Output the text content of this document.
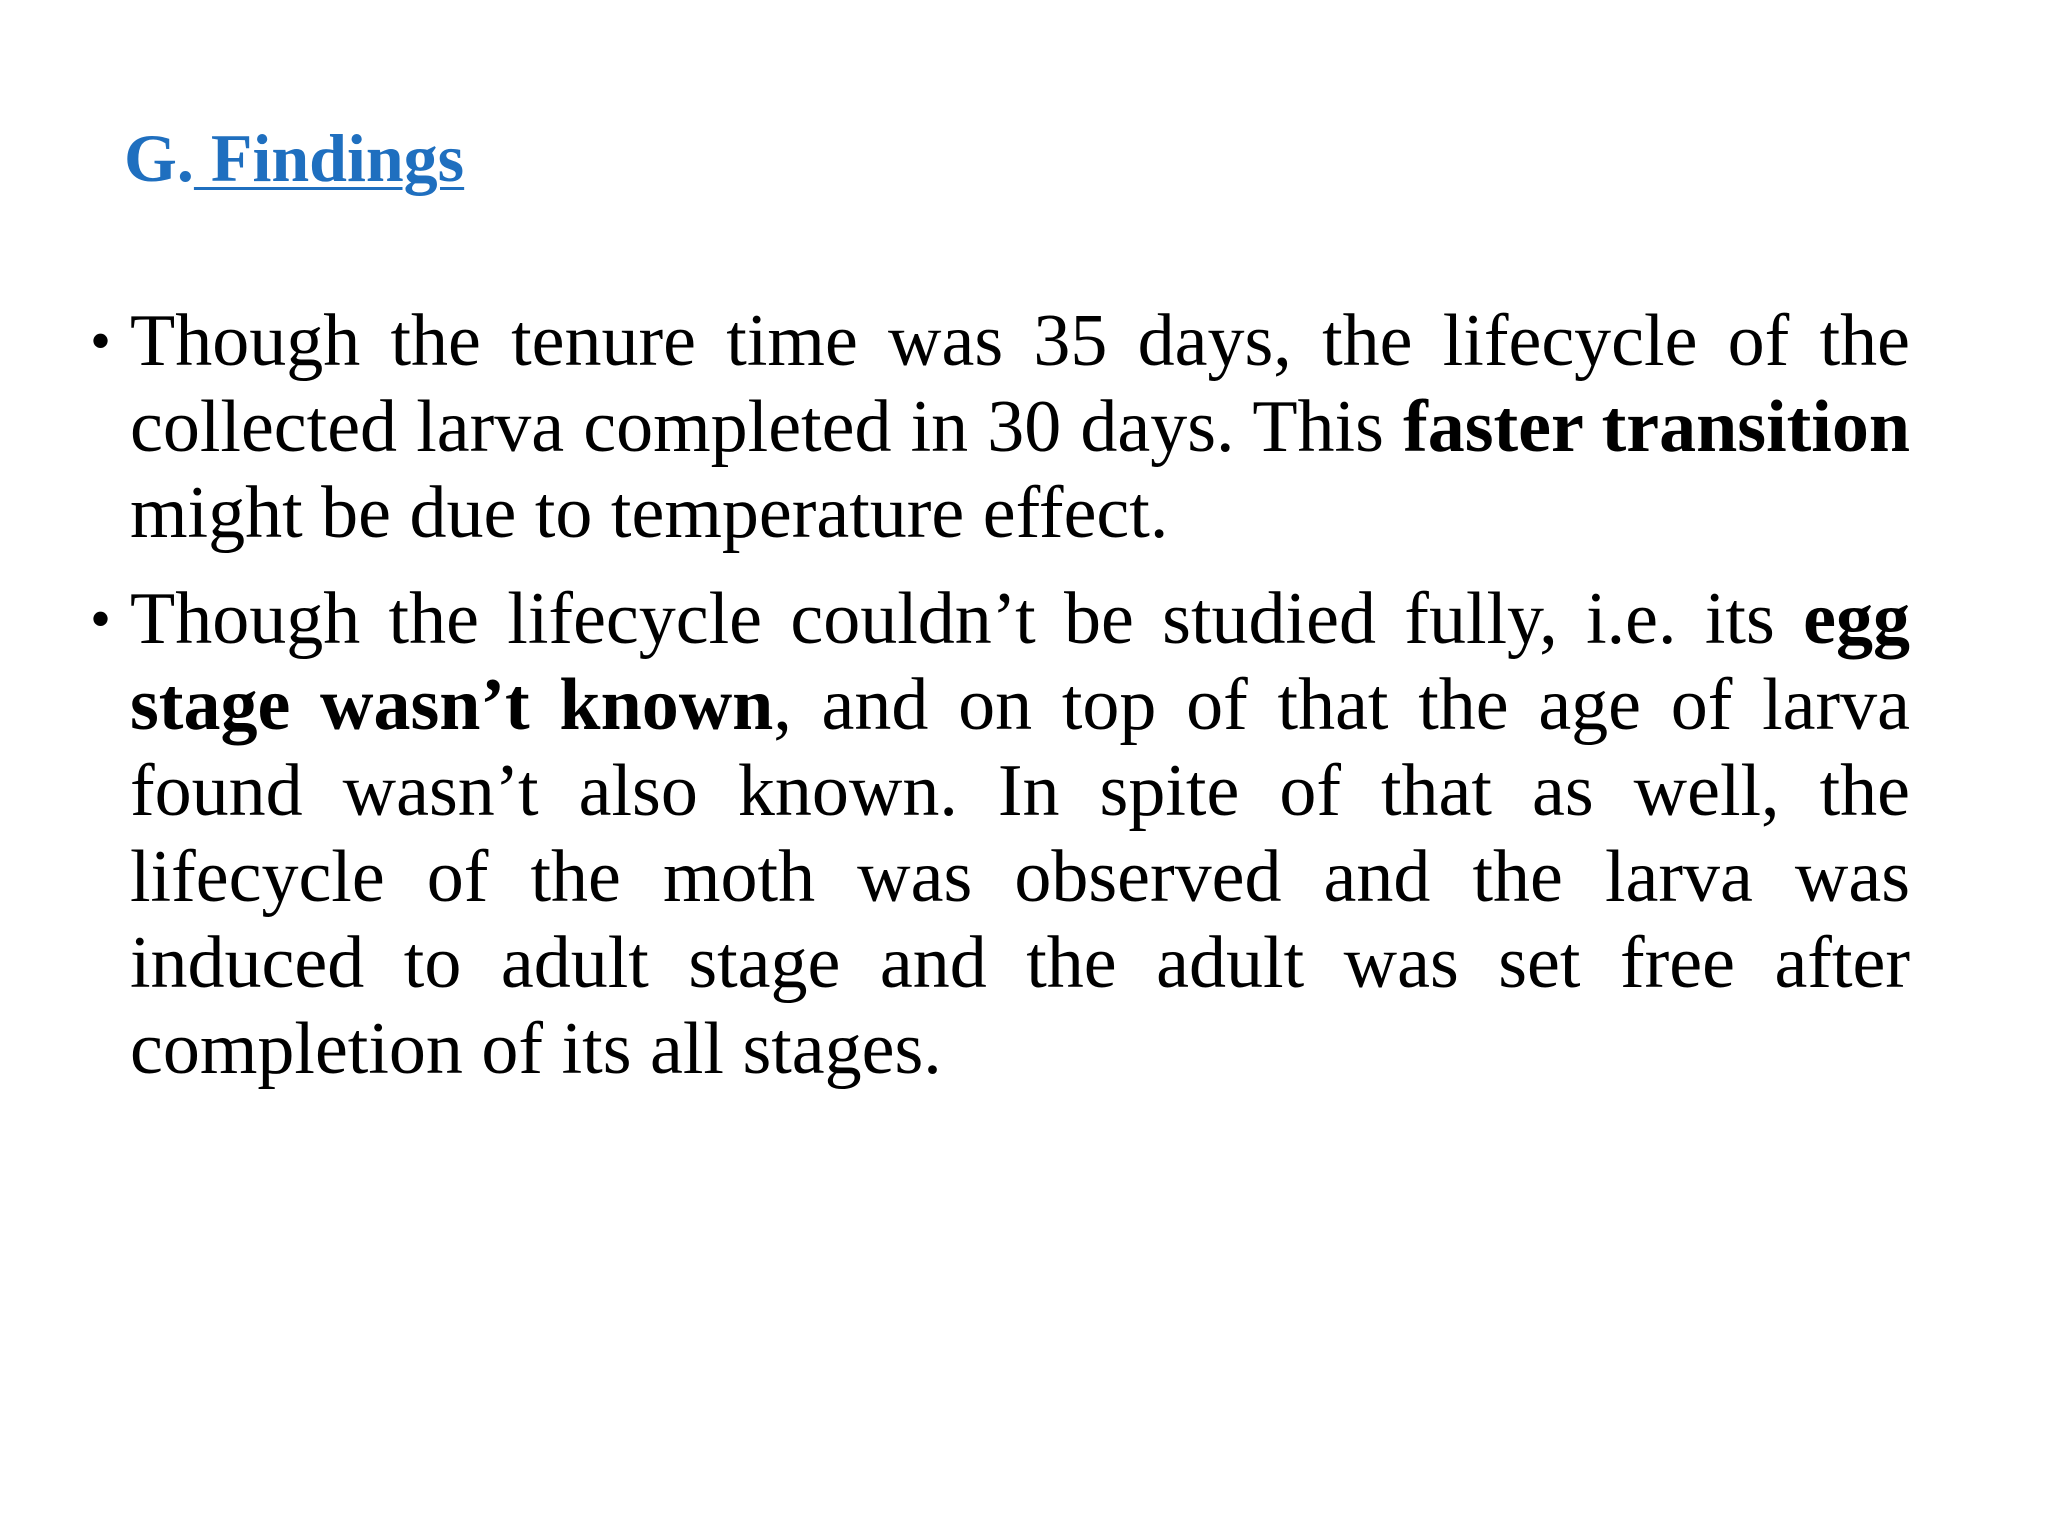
G. Findings
• Though the tenure time was 35 days, the lifecycle of the collected larva completed in 30 days. This faster transition might be due to temperature effect.
• Though the lifecycle couldn’t be studied fully, i.e. its egg stage wasn’t known, and on top of that the age of larva found wasn’t also known. In spite of that as well, the lifecycle of the moth was observed and the larva was induced to adult stage and the adult was set free after completion of its all stages.
